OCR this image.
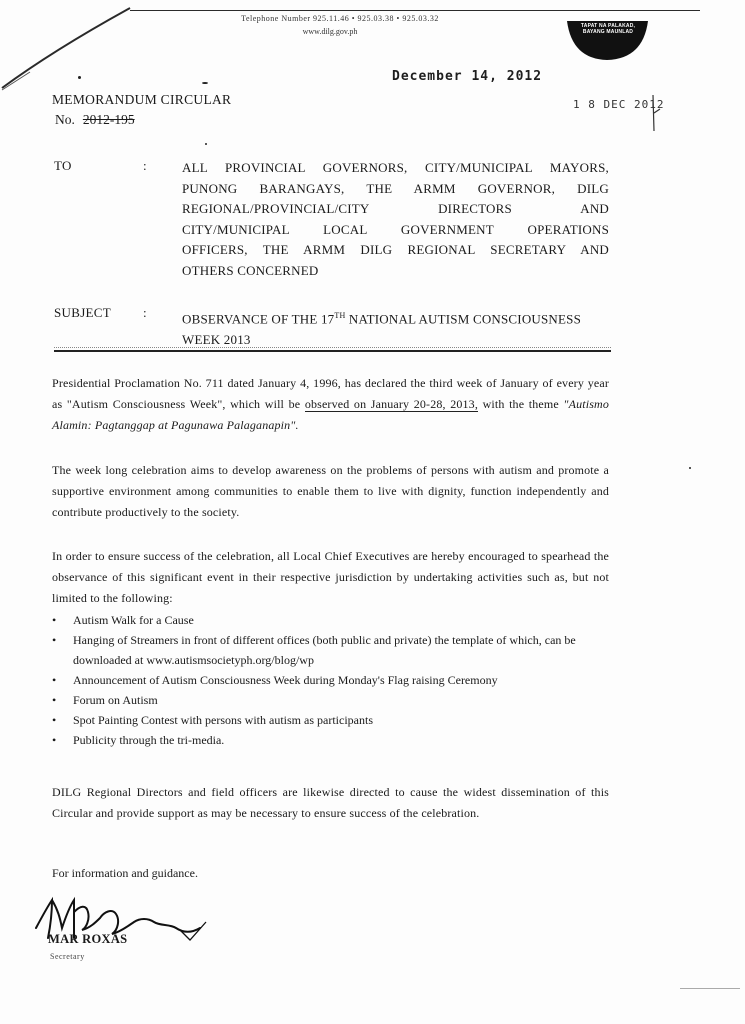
Telephone Number 925.11.46 • 925.03.38 • 925.03.32
www.dilg.gov.ph
TAPAT NA PALAKAD,
BAYANG MAUNLAD
December 14, 2012
1 8 DEC 2012
MEMORANDUM CIRCULAR
No. 2012-195
TO	:	ALL PROVINCIAL GOVERNORS, CITY/MUNICIPAL MAYORS,
PUNONG BARANGAYS, THE ARMM GOVERNOR, DILG
REGIONAL/PROVINCIAL/CITY DIRECTORS AND
CITY/MUNICIPAL LOCAL GOVERNMENT OPERATIONS
OFFICERS, THE ARMM DILG REGIONAL SECRETARY AND
OTHERS CONCERNED
SUBJECT :	OBSERVANCE OF THE 17TH NATIONAL AUTISM CONSCIOUSNESS
WEEK 2013
Presidential Proclamation No. 711 dated January 4, 1996, has declared the third week of January of every year as "Autism Consciousness Week", which will be observed on January 20-28, 2013, with the theme "Autismo Alamin: Pagtanggap at Pagunawa Palaganapin".
The week long celebration aims to develop awareness on the problems of persons with autism and promote a supportive environment among communities to enable them to live with dignity, function independently and contribute productively to the society.
In order to ensure success of the celebration, all Local Chief Executives are hereby encouraged to spearhead the observance of this significant event in their respective jurisdiction by undertaking activities such as, but not limited to the following:
• Autism Walk for a Cause
• Hanging of Streamers in front of different offices (both public and private) the template of which, can be downloaded at www.autismsocietyph.org/blog/wp
• Announcement of Autism Consciousness Week during Monday's Flag raising Ceremony
• Forum on Autism
• Spot Painting Contest with persons with autism as participants
• Publicity through the tri-media.
DILG Regional Directors and field officers are likewise directed to cause the widest dissemination of this Circular and provide support as may be necessary to ensure success of the celebration.
For information and guidance.
MAR ROXAS
Secretary
